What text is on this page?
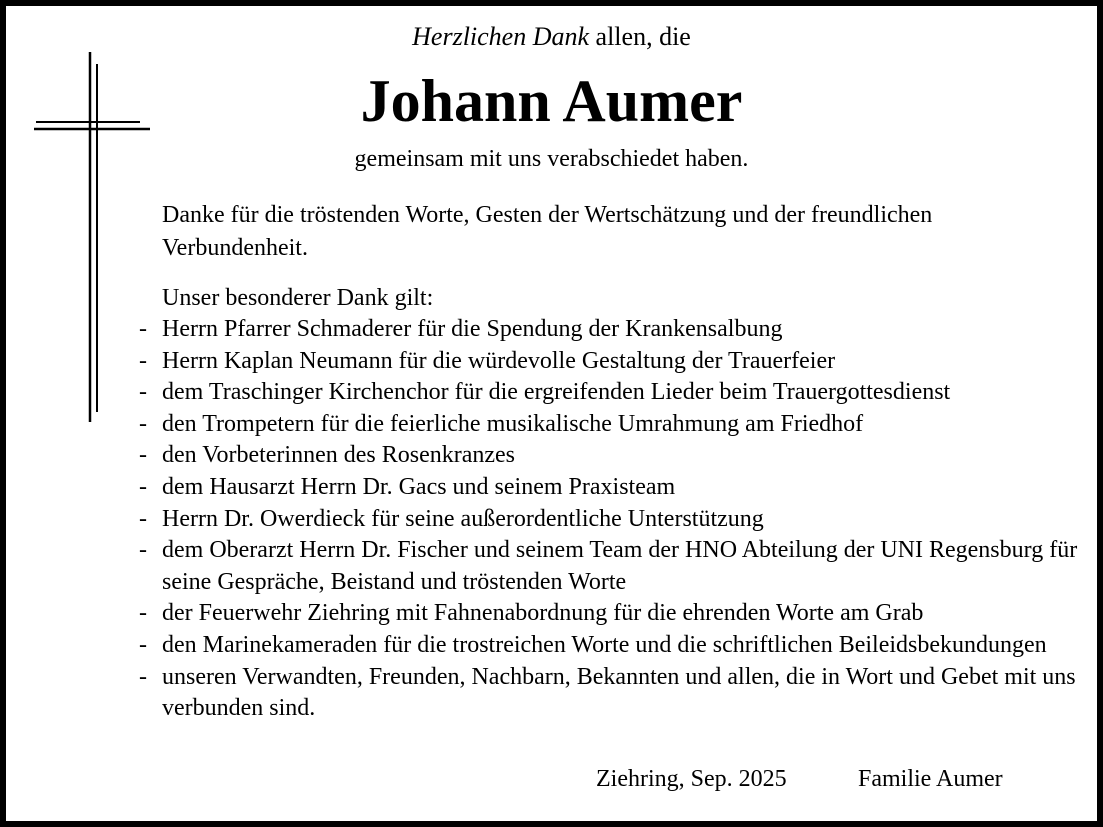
Herzlichen Dank allen, die
Johann Aumer
gemeinsam mit uns verabschiedet haben.

Danke für die tröstenden Worte, Gesten der Wertschätzung und der freundlichen Verbundenheit.

Unser besonderer Dank gilt:

- Herrn Pfarrer Schmaderer für die Spendung der Krankensalbung
- Herrn Kaplan Neumann für die würdevolle Gestaltung der Trauerfeier
- dem Traschinger Kirchenchor für die ergreifenden Lieder beim Trauergottesdienst
- den Trompetern für die feierliche musikalische Umrahmung am Friedhof
- den Vorbeterinnen des Rosenkranzes
- dem Hausarzt Herrn Dr. Gacs und seinem Praxisteam
- Herrn Dr. Owerdieck für seine außerordentliche Unterstützung
- dem Oberarzt Herrn Dr. Fischer und seinem Team der HNO Abteilung der UNI Regensburg für seine Gespräche, Beistand und tröstenden Worte
- der Feuerwehr Ziehring mit Fahnenabordnung für die ehrenden Worte am Grab
- den Marinekameraden für die trostreichen Worte und die schriftlichen Beileidsbekundungen
- unseren Verwandten, Freunden, Nachbarn, Bekannten und allen, die in Wort und Gebet mit uns verbunden sind.
Ziehring, Sep. 2025	Familie Aumer
